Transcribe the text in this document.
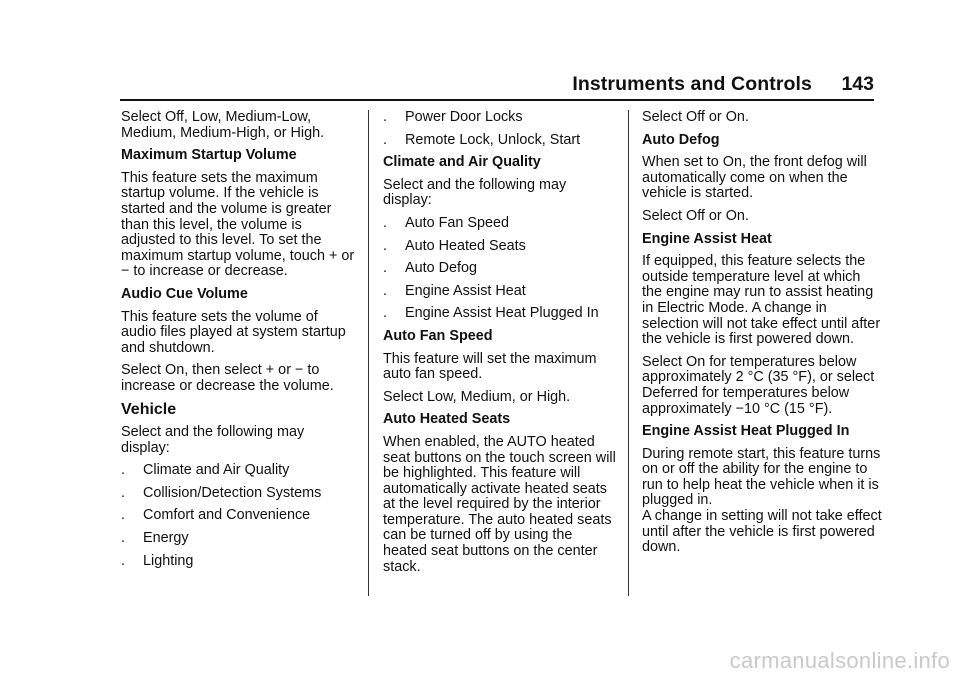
Instruments and Controls 143

Select Off, Low, Medium-Low, Medium, Medium-High, or High.

Maximum Startup Volume

This feature sets the maximum startup volume. If the vehicle is started and the volume is greater than this level, the volume is adjusted to this level. To set the maximum startup volume, touch + or − to increase or decrease.

Audio Cue Volume

This feature sets the volume of audio files played at system startup and shutdown.

Select On, then select + or − to increase or decrease the volume.

Vehicle

Select and the following may display:

. Climate and Air Quality
. Collision/Detection Systems
. Comfort and Convenience
. Energy
. Lighting
. Power Door Locks
. Remote Lock, Unlock, Start
Climate and Air Quality

Select and the following may display:

. Auto Fan Speed
. Auto Heated Seats
. Auto Defog
. Engine Assist Heat
. Engine Assist Heat Plugged In
Auto Fan Speed

This feature will set the maximum auto fan speed.

Select Low, Medium, or High.

Auto Heated Seats

When enabled, the AUTO heated seat buttons on the touch screen will be highlighted. This feature will automatically activate heated seats at the level required by the interior temperature. The auto heated seats can be turned off by using the heated seat buttons on the center stack.

Select Off or On.

Auto Defog

When set to On, the front defog will automatically come on when the vehicle is started.

Select Off or On.

Engine Assist Heat

If equipped, this feature selects the outside temperature level at which the engine may run to assist heating in Electric Mode. A change in selection will not take effect until after the vehicle is first powered down.

Select On for temperatures below approximately 2 °C (35 °F), or select Deferred for temperatures below approximately −10 °C (15 °F).

Engine Assist Heat Plugged In

During remote start, this feature turns on or off the ability for the engine to run to help heat the vehicle when it is plugged in.

A change in setting will not take effect until after the vehicle is first powered down.

carmanualsonline.info
